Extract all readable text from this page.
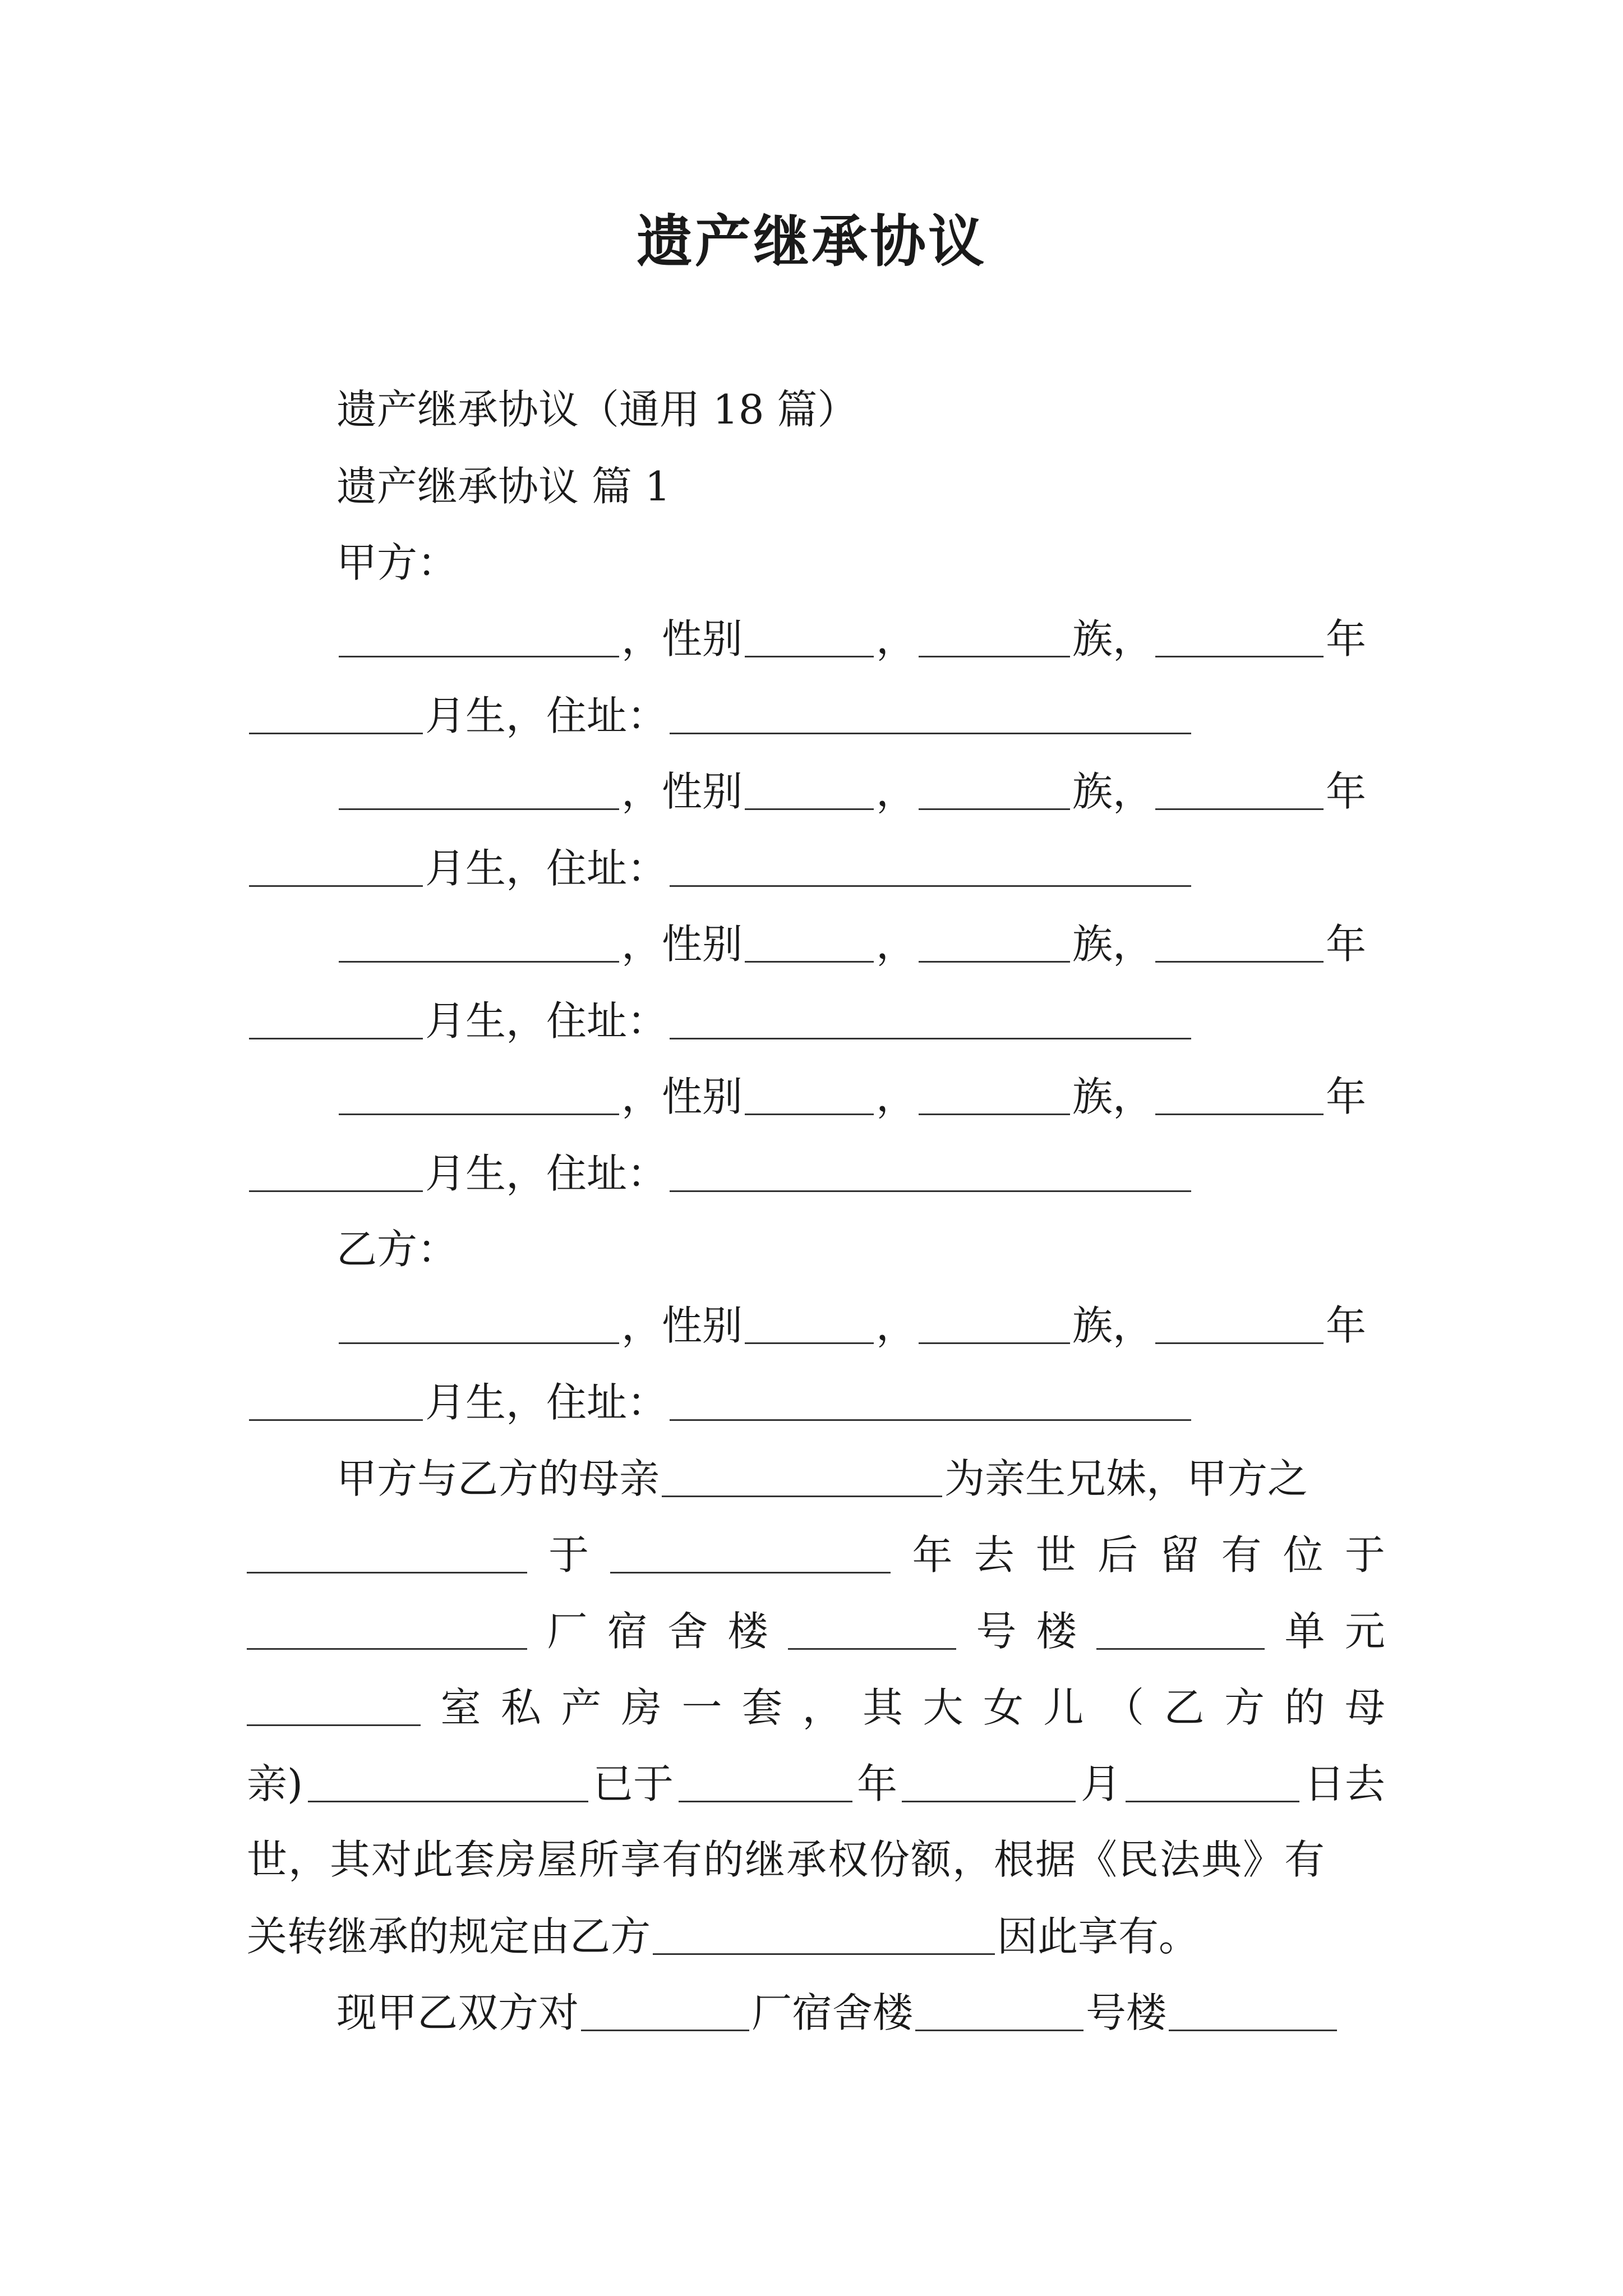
遗产继承协议
遗产继承协议（通用 18 篇）
遗产继承协议 篇 1
甲方：
，性别	，	族，	年
月生，住址：
，性别	，	族，	年
月生，住址：
，性别	，	族，	年
月生，住址：
，性别	，	族，	年
月生，住址：
乙方：
，性别	，	族，	年
月生，住址：
甲方与乙方的母亲	为亲生兄妹，甲方之
于	年 去 世 后 留 有 位 于
厂 宿 舍 楼	号 楼	单 元
室 私 产 房 一 套 ， 其 大 女 儿 （ 乙 方 的 母
亲)	已于	年	月	日去
世，其对此套房屋所享有的继承权份额，根据《民法典》有
关转继承的规定由乙方	因此享有。
现甲乙双方对	厂宿舍楼	号楼
